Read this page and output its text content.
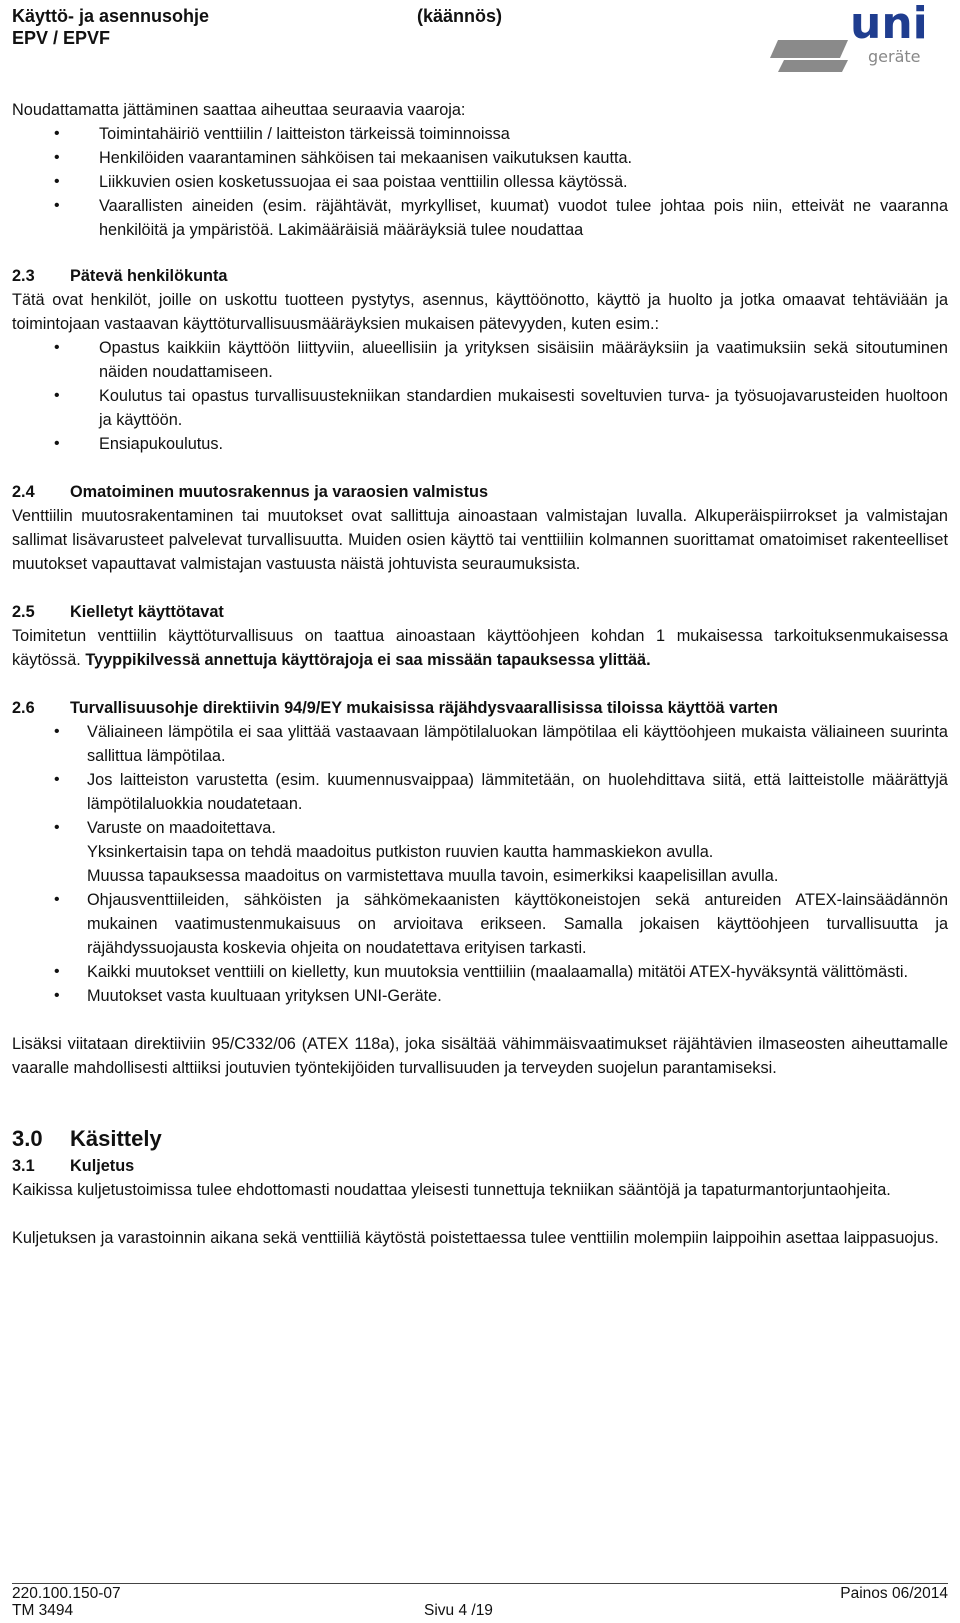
Käyttö- ja asennusohje
EPV / EPVF
(käännös)	uni
geräte

Noudattamatta jättäminen saattaa aiheuttaa seuraavia vaaroja:

• Toimintahäiriö venttiilin / laitteiston tärkeissä toiminnoissa
• Henkilöiden vaarantaminen sähköisen tai mekaanisen vaikutuksen kautta.
• Liikkuvien osien kosketussuojaa ei saa poistaa venttiilin ollessa käytössä.
• Vaarallisten aineiden (esim. räjähtävät, myrkylliset, kuumat) vuodot tulee johtaa pois niin, etteivät ne vaaranna henkilöitä ja ympäristöä. Lakimääräisiä määräyksiä tulee noudattaa
2.3	Pätevä henkilökunta

Tätä ovat henkilöt, joille on uskottu tuotteen pystytys, asennus, käyttöönotto, käyttö ja huolto ja jotka omaavat tehtäviään ja toimintojaan vastaavan käyttöturvallisuusmääräyksien mukaisen pätevyyden, kuten esim.:

• Opastus kaikkiin käyttöön liittyviin, alueellisiin ja yrityksen sisäisiin määräyksiin ja vaatimuksiin sekä sitoutuminen näiden noudattamiseen.
• Koulutus tai opastus turvallisuustekniikan standardien mukaisesti soveltuvien turva- ja työsuojavarusteiden huoltoon ja käyttöön.
• Ensiapukoulutus.
2.4	Omatoiminen muutosrakennus ja varaosien valmistus

Venttiilin muutosrakentaminen tai muutokset ovat sallittuja ainoastaan valmistajan luvalla. Alkuperäispiirrokset ja valmistajan sallimat lisävarusteet palvelevat turvallisuutta. Muiden osien käyttö tai venttiiliin kolmannen suorittamat omatoimiset rakenteelliset muutokset vapauttavat valmistajan vastuusta näistä johtuvista seuraumuksista.

2.5	Kielletyt käyttötavat

Toimitetun venttiilin käyttöturvallisuus on taattua ainoastaan käyttöohjeen kohdan 1 mukaisessa tarkoituksenmukaisessa käytössä. Tyyppikilvessä annettuja käyttörajoja ei saa missään tapauksessa ylittää.

2.6	Turvallisuusohje direktiivin 94/9/EY mukaisissa räjähdysvaarallisissa tiloissa käyttöä varten
• Väliaineen lämpötila ei saa ylittää vastaavaan lämpötilaluokan lämpötilaa eli käyttöohjeen mukaista väliaineen suurinta sallittua lämpötilaa.
• Jos laitteiston varustetta (esim. kuumennusvaippaa) lämmitetään, on huolehdittava siitä, että laitteistolle määrättyjä lämpötilaluokkia noudatetaan.
• Varuste on maadoitettava.
Yksinkertaisin tapa on tehdä maadoitus putkiston ruuvien kautta hammaskiekon avulla.
Muussa tapauksessa maadoitus on varmistettava muulla tavoin, esimerkiksi kaapelisillan avulla.
• Ohjausventtiileiden, sähköisten ja sähkömekaanisten käyttökoneistojen sekä antureiden ATEX-lainsäädännön mukainen vaatimustenmukaisuus on arvioitava erikseen. Samalla jokaisen käyttöohjeen turvallisuutta ja räjähdyssuojausta koskevia ohjeita on noudatettava erityisen tarkasti.
• Kaikki muutokset venttiili on kielletty, kun muutoksia venttiiliin (maalaamalla) mitätöi ATEX-hyväksyntä välittömästi.
• Muutokset vasta kuultuaan yrityksen UNI-Geräte.

Lisäksi viitataan direktiiviin 95/C332/06 (ATEX 118a), joka sisältää vähimmäisvaatimukset räjähtävien ilmaseosten aiheuttamalle vaaralle mahdollisesti alttiiksi joutuvien työntekijöiden turvallisuuden ja terveyden suojelun parantamiseksi.

3.0	Käsittely
3.1	Kuljetus

Kaikissa kuljetustoimissa tulee ehdottomasti noudattaa yleisesti tunnettuja tekniikan sääntöjä ja tapaturmantorjuntaohjeita.

Kuljetuksen ja varastoinnin aikana sekä venttiiliä käytöstä poistettaessa tulee venttiilin molempiin laippoihin asettaa laippasuojus.

220.100.150-07	Painos 06/2014
TM 3494	Sivu 4 /19
